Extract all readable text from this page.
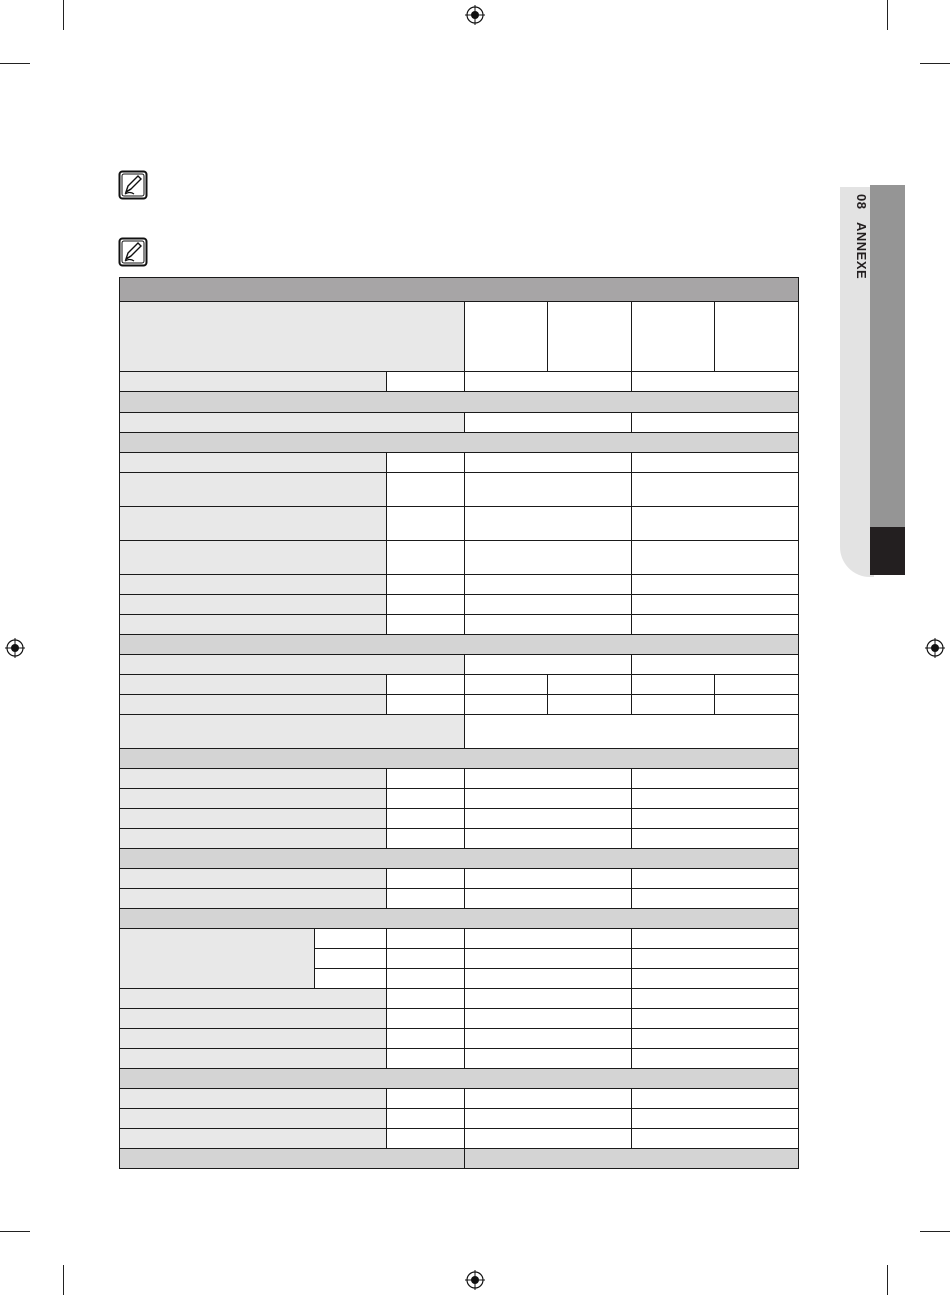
08 ANNEXE
